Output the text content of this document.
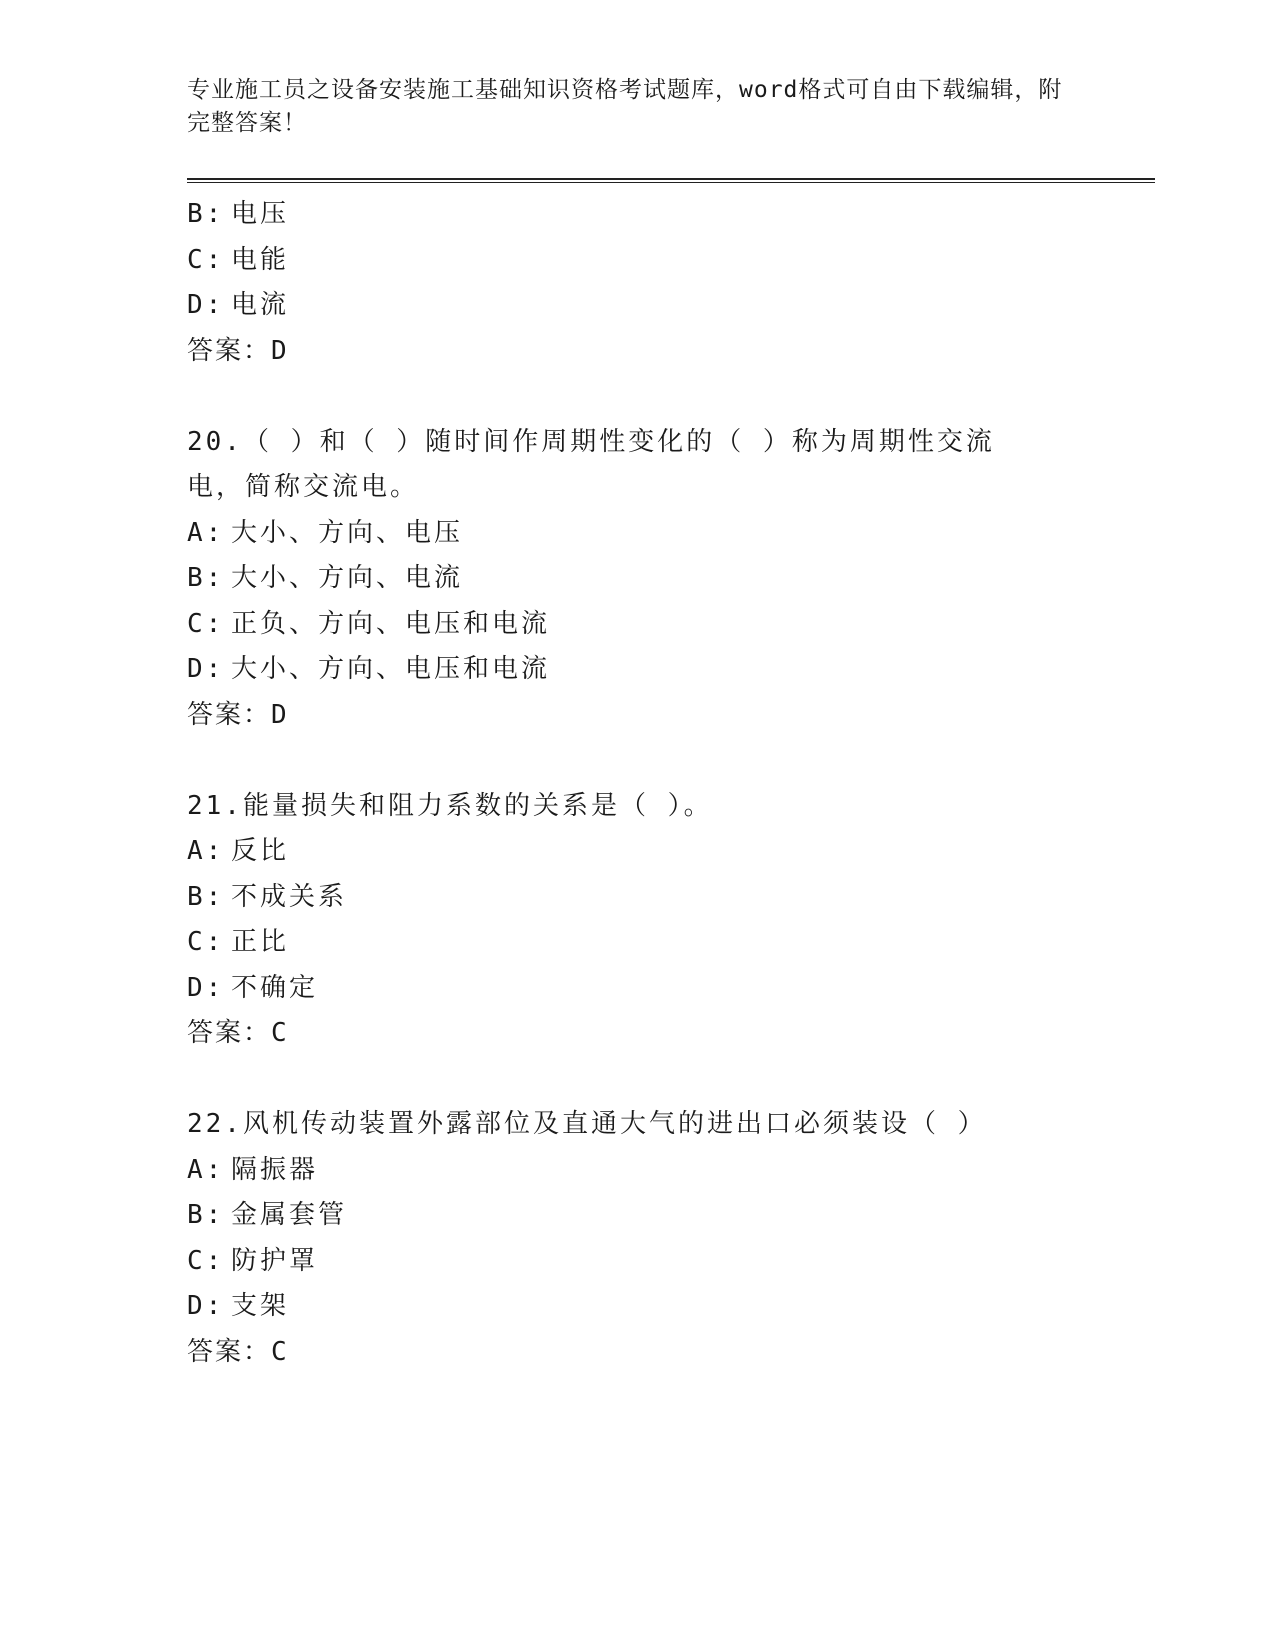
专业施工员之设备安装施工基础知识资格考试题库，word格式可自由下载编辑，附完整答案！
B: 电压
C: 电能
D: 电流
答案：D
20.（ ）和（ ）随时间作周期性变化的（ ）称为周期性交流电，简称交流电。
A: 大小、方向、电压
B: 大小、方向、电流
C: 正负、方向、电压和电流
D: 大小、方向、电压和电流
答案：D
21.能量损失和阻力系数的关系是（ ）。
A: 反比
B: 不成关系
C: 正比
D: 不确定
答案：C
22.风机传动装置外露部位及直通大气的进出口必须装设（ ）
A: 隔振器
B: 金属套管
C: 防护罩
D: 支架
答案：C
